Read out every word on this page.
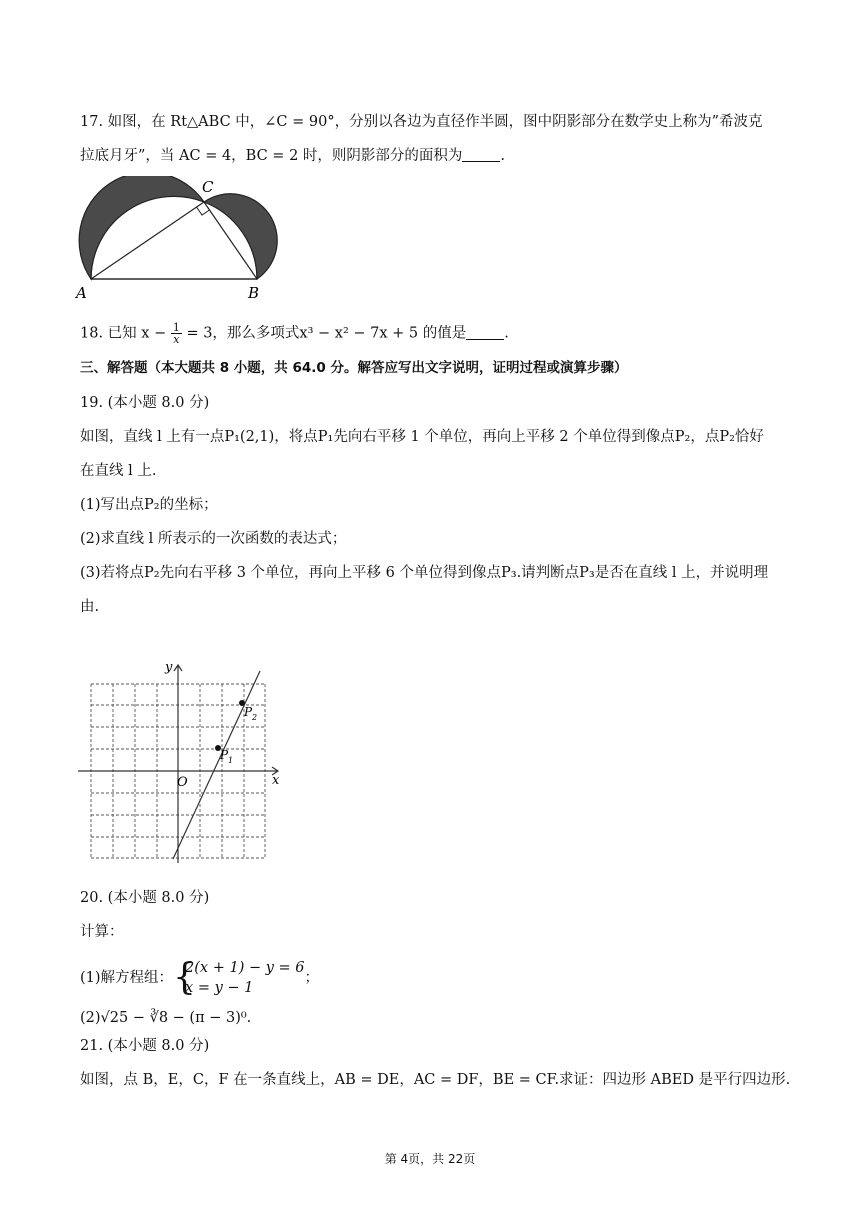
17. 如图，在 Rt△ABC 中，∠C = 90°，分别以各边为直径作半圆，图中阴影部分在数学史上称为”希波克
拉底月牙”，当 AC = 4，BC = 2 时，则阴影部分的面积为	.
A	B
C
18. 已知 $x - \frac{1}{x} = 3$，那么多项式x³ − x² − 7x + 5 的值是	.
三、解答题（本大题共 8 小题，共 64.0 分。解答应写出文字说明，证明过程或演算步骤）
19. (本小题 8.0 分)
如图，直线 l 上有一点P₁(2,1)，将点P₁先向右平移 1 个单位，再向上平移 2 个单位得到像点P₂，点P₂恰好
在直线 l 上.
(1)写出点P₂的坐标；
(2)求直线 l 所表示的一次函数的表达式；
(3)若将点P₂先向右平移 3 个单位，再向上平移 6 个单位得到像点P₃.请判断点P₃是否在直线 l 上，并说明理
由.
y
x
O
P 1
P 2
20. (本小题 8.0 分)
计算：
(1)解方程组： {
2(x + 1) − y = 6
x = y − 1
；
(2)√25 − ∛8 − (π − 3)⁰.
21. (本小题 8.0 分)
如图，点 B，E，C，F 在一条直线上，AB = DE，AC = DF，BE = CF.求证：四边形 ABED 是平行四边形.
第 4页，共 22页
